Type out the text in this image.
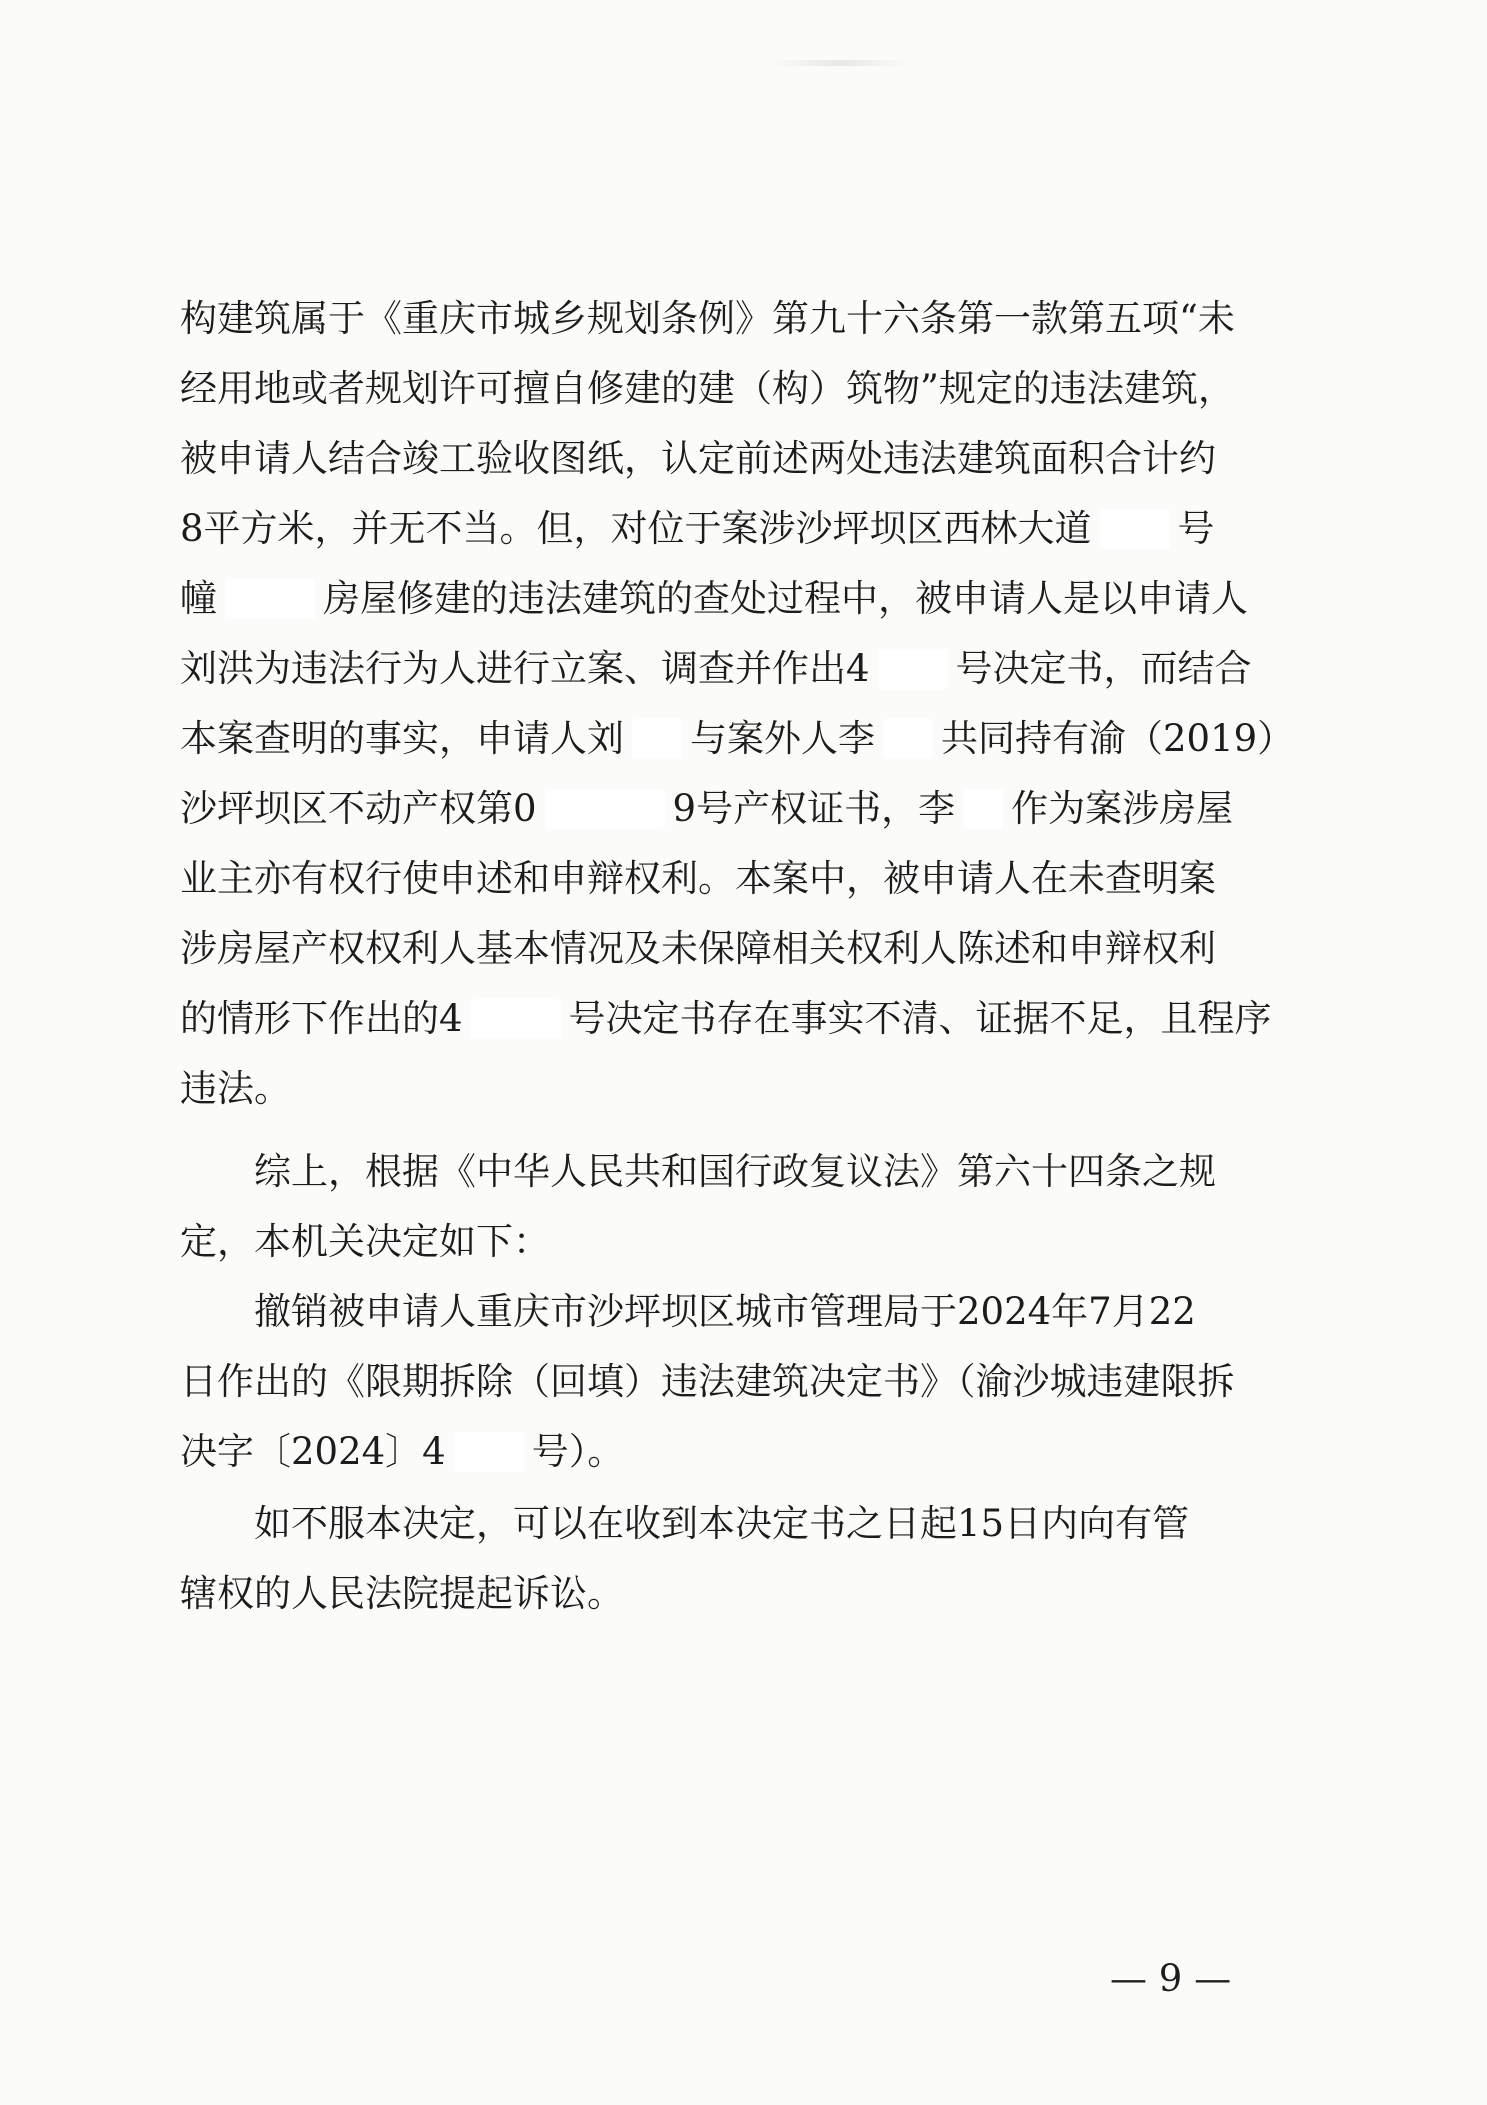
构建筑属于《重庆市城乡规划条例》第九十六条第一款第五项“未
经用地或者规划许可擅自修建的建（构）筑物”规定的违法建筑，
被申请人结合竣工验收图纸，认定前述两处违法建筑面积合计约
8平方米，并无不当。但，对位于案涉沙坪坝区西林大道 号
幢	房屋修建的违法建筑的查处过程中，被申请人是以申请人
刘洪为违法行为人进行立案、调查并作出4 号决定书，而结合
本案查明的事实，申请人刘 与案外人李 共同持有渝（2019）
沙坪坝区不动产权第0	9号产权证书，李 作为案涉房屋
业主亦有权行使申述和申辩权利。本案中，被申请人在未查明案
涉房屋产权权利人基本情况及未保障相关权利人陈述和申辩权利
的情形下作出的4	号决定书存在事实不清、证据不足，且程序
违法。
　　综上，根据《中华人民共和国行政复议法》第六十四条之规
定，本机关决定如下：
　　撤销被申请人重庆市沙坪坝区城市管理局于2024年7月22
日作出的《限期拆除（回填）违法建筑决定书》（渝沙城违建限拆
决字〔2024〕4 号）。
　　如不服本决定，可以在收到本决定书之日起15日内向有管
辖权的人民法院提起诉讼。
— 9 —
